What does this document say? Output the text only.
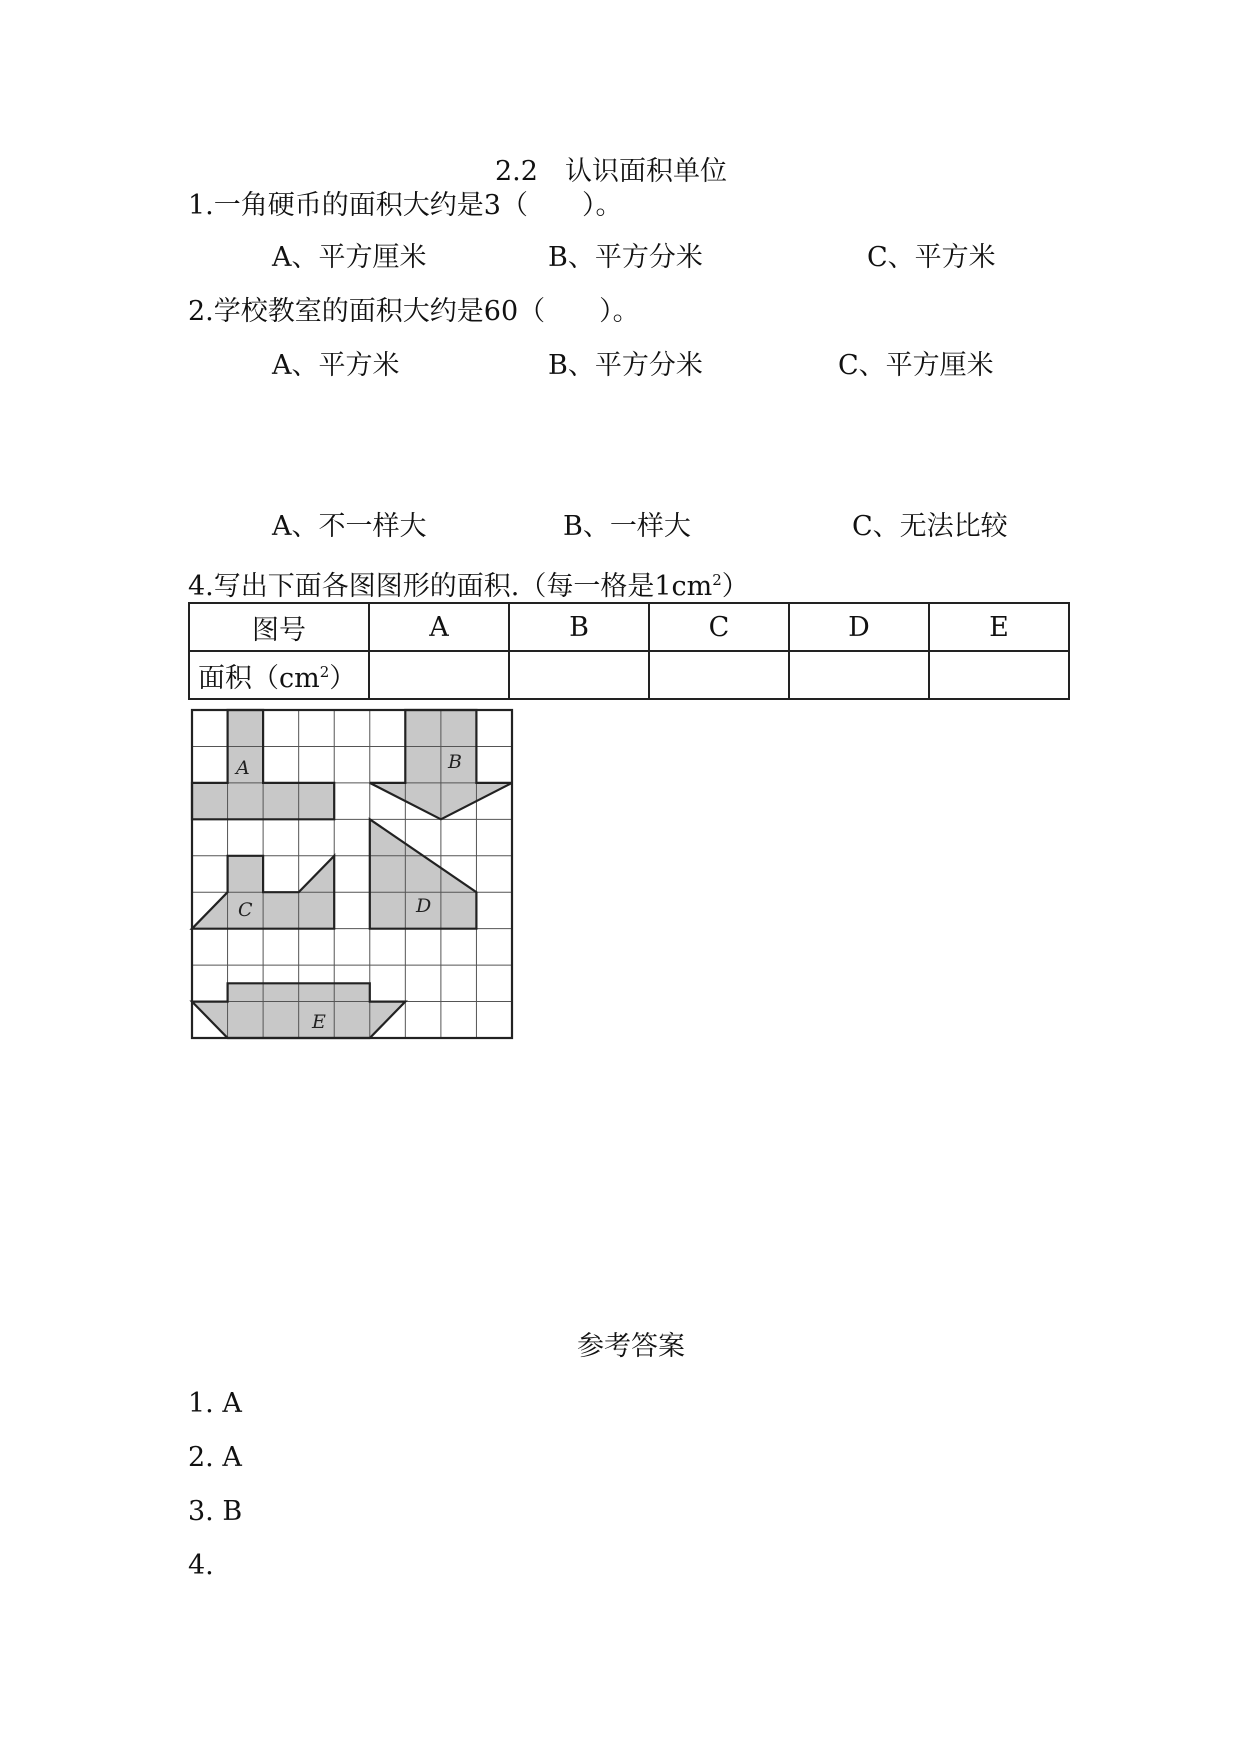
2.2　认识面积单位
1.一角硬币的面积大约是3（　　）。
A、平方厘米	B、平方分米	C、平方米
2.学校教室的面积大约是60（　　）。
A、平方米	B、平方分米	C、平方厘米
A、不一样大	B、一样大	C、无法比较
4.写出下面各图图形的面积.（每一格是$1cm^2$）
图号	A	B	C	D	E
面积$(cm^2)$					
A	B
C	D
E
参考答案
1. A
2. A
3. B
4.
